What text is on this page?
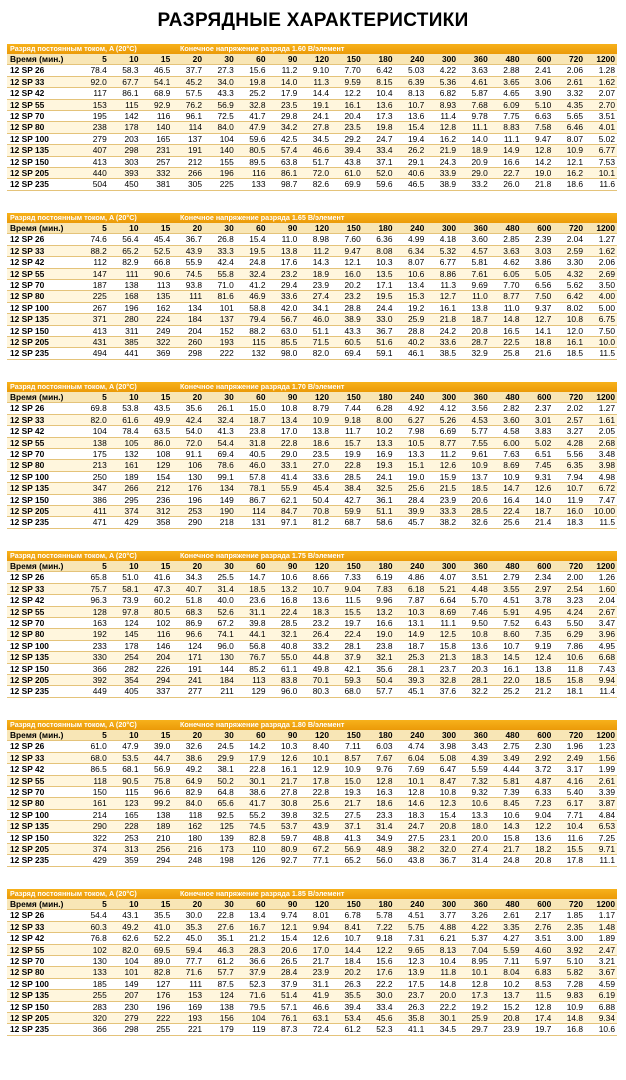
РАЗРЯДНЫЕ ХАРАКТЕРИСТИКИ
Разряд постоянным током, A (20°C)	Конечное напряжение разряда 1.60 В/элемент
Время (мин.)	5	10	15	20	30	60	90	120	150	180	240	300	360	480	600	720	1200
12 SP 26	78.4	58.3	46.5	37.7	27.3	15.6	11.2	9.10	7.70	6.42	5.03	4.22	3.63	2.88	2.41	2.06	1.28
12 SP 33	92.0	67.7	54.1	45.2	34.0	19.8	14.0	11.3	9.59	8.15	6.39	5.36	4.61	3.65	3.06	2.61	1.62
12 SP 42	117	86.1	68.9	57.5	43.3	25.2	17.9	14.4	12.2	10.4	8.13	6.82	5.87	4.65	3.90	3.32	2.07
12 SP 55	153	115	92.9	76.2	56.9	32.8	23.5	19.1	16.1	13.6	10.7	8.93	7.68	6.09	5.10	4.35	2.70
12 SP 70	195	142	116	96.1	72.5	41.7	29.8	24.1	20.4	17.3	13.6	11.4	9.78	7.75	6.63	5.65	3.51
12 SP 80	238	178	140	114	84.0	47.9	34.2	27.8	23.5	19.8	15.4	12.8	11.1	8.83	7.58	6.46	4.01
12 SP 100	279	203	165	137	104	59.6	42.5	34.5	29.2	24.7	19.4	16.2	14.0	11.1	9.47	8.07	5.02
12 SP 135	407	298	231	191	140	80.5	57.4	46.6	39.4	33.4	26.2	21.9	18.9	14.9	12.8	10.9	6.77
12 SP 150	413	303	257	212	155	89.5	63.8	51.7	43.8	37.1	29.1	24.3	20.9	16.6	14.2	12.1	7.53
12 SP 205	440	393	332	266	196	116	86.1	72.0	61.0	52.0	40.6	33.9	29.0	22.7	19.0	16.2	10.1
12 SP 235	504	450	381	305	225	133	98.7	82.6	69.9	59.6	46.5	38.9	33.2	26.0	21.8	18.6	11.6
Разряд постоянным током, A (20°C)	Конечное напряжение разряда 1.65 В/элемент
Время (мин.)	5	10	15	20	30	60	90	120	150	180	240	300	360	480	600	720	1200
12 SP 26	74.6	56.4	45.4	36.7	26.8	15.4	11.0	8.98	7.60	6.36	4.99	4.18	3.60	2.85	2.39	2.04	1.27
12 SP 33	88.2	65.2	52.5	43.9	33.3	19.5	13.8	11.2	9.47	8.08	6.34	5.32	4.57	3.63	3.03	2.59	1.62
12 SP 42	112	82.9	66.8	55.9	42.4	24.8	17.6	14.3	12.1	10.3	8.07	6.77	5.81	4.62	3.86	3.30	2.06
12 SP 55	147	111	90.6	74.5	55.8	32.4	23.2	18.9	16.0	13.5	10.6	8.86	7.61	6.05	5.05	4.32	2.69
12 SP 70	187	138	113	93.8	71.0	41.2	29.4	23.9	20.2	17.1	13.4	11.3	9.69	7.70	6.56	5.62	3.50
12 SP 80	225	168	135	111	81.6	46.9	33.6	27.4	23.2	19.5	15.3	12.7	11.0	8.77	7.50	6.42	4.00
12 SP 100	267	196	162	134	101	58.8	42.0	34.1	28.8	24.4	19.2	16.1	13.8	11.0	9.37	8.02	5.00
12 SP 135	371	280	224	184	137	79.4	56.7	46.0	38.9	33.0	25.9	21.8	18.7	14.8	12.7	10.8	6.75
12 SP 150	413	311	249	204	152	88.2	63.0	51.1	43.3	36.7	28.8	24.2	20.8	16.5	14.1	12.0	7.50
12 SP 205	431	385	322	260	193	115	85.5	71.5	60.5	51.6	40.2	33.6	28.7	22.5	18.8	16.1	10.0
12 SP 235	494	441	369	298	222	132	98.0	82.0	69.4	59.1	46.1	38.5	32.9	25.8	21.6	18.5	11.5
Разряд постоянным током, A (20°C)	Конечное напряжение разряда 1.70 В/элемент
Время (мин.)	5	10	15	20	30	60	90	120	150	180	240	300	360	480	600	720	1200
12 SP 26	69.8	53.8	43.5	35.6	26.1	15.0	10.8	8.79	7.44	6.28	4.92	4.12	3.56	2.82	2.37	2.02	1.27
12 SP 33	82.0	61.6	49.9	42.4	32.4	18.7	13.4	10.9	9.18	8.00	6.27	5.26	4.53	3.60	3.01	2.57	1.61
12 SP 42	104	78.4	63.5	54.0	41.3	23.8	17.0	13.8	11.7	10.2	7.98	6.69	5.77	4.58	3.83	3.27	2.05
12 SP 55	138	105	86.0	72.0	54.4	31.8	22.8	18.6	15.7	13.3	10.5	8.77	7.55	6.00	5.02	4.28	2.68
12 SP 70	175	132	108	91.1	69.4	40.5	29.0	23.5	19.9	16.9	13.3	11.2	9.61	7.63	6.51	5.56	3.48
12 SP 80	213	161	129	106	78.6	46.0	33.1	27.0	22.8	19.3	15.1	12.6	10.9	8.69	7.45	6.35	3.98
12 SP 100	250	189	154	130	99.1	57.8	41.4	33.6	28.5	24.1	19.0	15.9	13.7	10.9	9.31	7.94	4.98
12 SP 135	347	266	212	176	134	78.1	55.9	45.4	38.4	32.5	25.6	21.5	18.5	14.7	12.6	10.7	6.72
12 SP 150	386	295	236	196	149	86.7	62.1	50.4	42.7	36.1	28.4	23.9	20.6	16.4	14.0	11.9	7.47
12 SP 205	411	374	312	253	190	114	84.7	70.8	59.9	51.1	39.9	33.3	28.5	22.4	18.7	16.0	10.00
12 SP 235	471	429	358	290	218	131	97.1	81.2	68.7	58.6	45.7	38.2	32.6	25.6	21.4	18.3	11.5
Разряд постоянным током, A (20°C)	Конечное напряжение разряда 1.75 В/элемент
Время (мин.)	5	10	15	20	30	60	90	120	150	180	240	300	360	480	600	720	1200
12 SP 26	65.8	51.0	41.6	34.3	25.5	14.7	10.6	8.66	7.33	6.19	4.86	4.07	3.51	2.79	2.34	2.00	1.26
12 SP 33	75.7	58.1	47.3	40.7	31.4	18.5	13.2	10.7	9.04	7.83	6.18	5.21	4.48	3.55	2.97	2.54	1.60
12 SP 42	96.3	73.9	60.2	51.8	40.0	23.6	16.8	13.6	11.5	9.96	7.87	6.64	5.70	4.51	3.78	3.23	2.04
12 SP 55	128	97.8	80.5	68.3	52.6	31.1	22.4	18.3	15.5	13.2	10.3	8.69	7.46	5.91	4.95	4.24	2.67
12 SP 70	163	124	102	86.9	67.2	39.8	28.5	23.2	19.7	16.6	13.1	11.1	9.50	7.52	6.43	5.50	3.47
12 SP 80	192	145	116	96.6	74.1	44.1	32.1	26.4	22.4	19.0	14.9	12.5	10.8	8.60	7.35	6.29	3.96
12 SP 100	233	178	146	124	96.0	56.8	40.8	33.2	28.1	23.8	18.7	15.8	13.6	10.7	9.19	7.86	4.95
12 SP 135	330	254	204	171	130	76.7	55.0	44.8	37.9	32.1	25.3	21.3	18.3	14.5	12.4	10.6	6.68
12 SP 150	366	282	226	191	144	85.2	61.1	49.8	42.1	35.6	28.1	23.7	20.3	16.1	13.8	11.8	7.43
12 SP 205	392	354	294	241	184	113	83.8	70.1	59.3	50.4	39.3	32.8	28.1	22.0	18.5	15.8	9.94
12 SP 235	449	405	337	277	211	129	96.0	80.3	68.0	57.7	45.1	37.6	32.2	25.2	21.2	18.1	11.4
Разряд постоянным током, A (20°C)	Конечное напряжение разряда 1.80 В/элемент
Время (мин.)	5	10	15	20	30	60	90	120	150	180	240	300	360	480	600	720	1200
12 SP 26	61.0	47.9	39.0	32.6	24.5	14.2	10.3	8.40	7.11	6.03	4.74	3.98	3.43	2.75	2.30	1.96	1.23
12 SP 33	68.0	53.5	44.7	38.6	29.9	17.9	12.6	10.1	8.57	7.67	6.04	5.08	4.39	3.49	2.92	2.49	1.56
12 SP 42	86.5	68.1	56.9	49.2	38.1	22.8	16.1	12.9	10.9	9.76	7.69	6.47	5.59	4.44	3.72	3.17	1.99
12 SP 55	118	90.5	75.8	64.9	50.2	30.1	21.7	17.8	15.0	12.8	10.1	8.47	7.32	5.81	4.87	4.16	2.61
12 SP 70	150	115	96.6	82.9	64.8	38.6	27.8	22.8	19.3	16.3	12.8	10.8	9.32	7.39	6.33	5.40	3.39
12 SP 80	161	123	99.2	84.0	65.6	41.7	30.8	25.6	21.7	18.6	14.6	12.3	10.6	8.45	7.23	6.17	3.87
12 SP 100	214	165	138	118	92.5	55.2	39.8	32.5	27.5	23.3	18.3	15.4	13.3	10.6	9.04	7.71	4.84
12 SP 135	290	228	189	162	125	74.5	53.7	43.9	37.1	31.4	24.7	20.8	18.0	14.3	12.2	10.4	6.53
12 SP 150	322	253	210	180	139	82.8	59.7	48.8	41.3	34.9	27.5	23.1	20.0	15.8	13.6	11.6	7.25
12 SP 205	374	313	256	216	173	110	80.9	67.2	56.9	48.9	38.2	32.0	27.4	21.7	18.2	15.5	9.71
12 SP 235	429	359	294	248	198	126	92.7	77.1	65.2	56.0	43.8	36.7	31.4	24.8	20.8	17.8	11.1
Разряд постоянным током, A (20°C)	Конечное напряжение разряда 1.85 В/элемент
Время (мин.)	5	10	15	20	30	60	90	120	150	180	240	300	360	480	600	720	1200
12 SP 26	54.4	43.1	35.5	30.0	22.8	13.4	9.74	8.01	6.78	5.78	4.51	3.77	3.26	2.61	2.17	1.85	1.17
12 SP 33	60.3	49.2	41.0	35.3	27.6	16.7	12.1	9.94	8.41	7.22	5.75	4.88	4.22	3.35	2.76	2.35	1.48
12 SP 42	76.8	62.6	52.2	45.0	35.1	21.2	15.4	12.6	10.7	9.18	7.31	6.21	5.37	4.27	3.51	3.00	1.89
12 SP 55	102	82.0	69.5	59.4	46.3	28.3	20.6	17.0	14.4	12.2	9.65	8.13	7.04	5.59	4.60	3.92	2.47
12 SP 70	130	104	89.0	77.7	61.2	36.6	26.5	21.7	18.4	15.6	12.3	10.4	8.95	7.11	5.97	5.10	3.21
12 SP 80	133	101	82.8	71.6	57.7	37.9	28.4	23.9	20.2	17.6	13.9	11.8	10.1	8.04	6.83	5.82	3.67
12 SP 100	185	149	127	111	87.5	52.3	37.9	31.1	26.3	22.2	17.5	14.8	12.8	10.2	8.53	7.28	4.59
12 SP 135	255	207	176	153	124	71.6	51.4	41.9	35.5	30.0	23.7	20.0	17.3	13.7	11.5	9.83	6.19
12 SP 150	283	230	196	169	138	79.5	57.1	46.6	39.4	33.4	26.3	22.2	19.2	15.2	12.8	10.9	6.88
12 SP 205	320	279	222	193	156	104	76.1	63.1	53.4	45.6	35.8	30.1	25.9	20.8	17.4	14.8	9.34
12 SP 235	366	298	255	221	179	119	87.3	72.4	61.2	52.3	41.1	34.5	29.7	23.9	19.7	16.8	10.6
